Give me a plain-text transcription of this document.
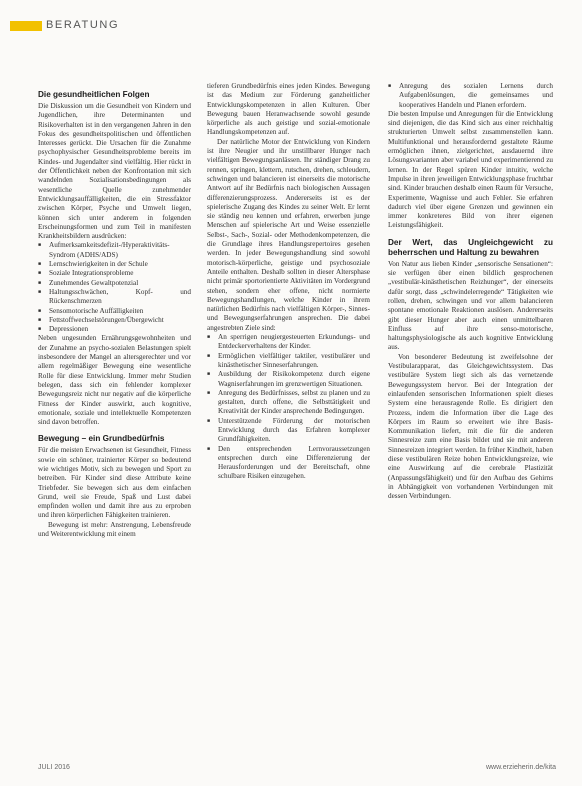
BERATUNG
Die gesundheitlichen Folgen

Die Diskussion um die Gesundheit von Kindern und Jugendlichen, ihre Determinanten und Risikoverhalten ist in den vergangenen Jahren in den Fokus des gesundheitspolitischen und öffentlichen Interesses gerückt. Die Ursachen für die Zunahme psychophysischer Gesundheitsprobleme bereits im Kindes- und Jugendalter sind vielfältig. Hier rückt in der Öffentlichkeit neben der Konfrontation mit sich wandelnden Sozialisationsbedingungen als wesentliche Quelle zunehmender Entwicklungsauffälligkeiten, die ein Stressfaktor zwischen Körper, Psyche und Umwelt liegen, können sich unter anderem in folgenden Erscheinungsformen und zum Teil in manifesten Krankheitsbildern ausdrücken:

■ Aufmerksamkeitsdefizit-/Hyperaktivitäts-Syndrom (ADHS/ADS)
■ Lernschwierigkeiten in der Schule
■ Soziale Integrationsprobleme
■ Zunehmendes Gewaltpotenzial
■ Haltungsschwächen, Kopf- und Rückenschmerzen
■ Sensomotorische Auffälligkeiten
■ Fettstoffwechselstörungen/Übergewicht
■ Depressionen

Neben ungesunden Ernährungsgewohnheiten und der Zunahme an psycho-sozialen Belastungen spielt insbesondere der Mangel an altersgerechter und vor allem regelmäßiger Bewegung eine wesentliche Rolle für diese Entwicklung. Immer mehr Studien belegen, dass sich ein fehlender komplexer Bewegungsreiz nicht nur negativ auf die körperliche Fitness der Kinder auswirkt, auch kognitive, emotionale, soziale und intellektuelle Kompetenzen sind davon betroffen.

Bewegung – ein Grundbedürfnis

Für die meisten Erwachsenen ist Gesundheit, Fitness sowie ein schöner, trainierter Körper so bedeutend wie wichtiges Motiv, sich zu bewegen und Sport zu betreiben. Für Kinder sind diese Attribute keine Triebfeder. Sie bewegen sich aus dem einfachen Grund, weil sie Freude, Spaß und Lust dabei empfinden wollen und damit ihre aus zu erproben und ihren körperlichen Fähigkeiten trainieren.

Bewegung ist mehr: Anstrengung, Lebensfreude und Weiterentwicklung mit einem

tieferen Grundbedürfnis eines jeden Kindes. Bewegung ist das Medium zur Förderung ganzheitlicher Entwicklungskompetenzen in allen Kulturen. Über Bewegung bauen Heranwachsende sowohl gesunde körperliche als auch geistige und sozial-emotionale Handlungskompetenzen auf.

Der natürliche Motor der Entwicklung von Kindern ist ihre Neugier und ihr unstillbarer Hunger nach vielfältigen Bewegungsanlässen. Ihr ständiger Drang zu rennen, springen, klettern, rutschen, drehen, schleudern, schwingen und balancieren ist einerseits die motorische Antwort auf ihr Bedürfnis nach biologischen Aussagen differenzierungsprozess. Andererseits ist es der spielerische Zugang des Kindes zu seiner Welt. Er lernt sie ständig neu kennen und erfahren, erwerben junge Menschen auf spielerische Art und Weise essenzielle Selbst-, Sach-, Sozial- oder Methodenkompetenzen, die die Grundlage ihres Handlungsrepertoires gesehen werden. In jeder Bewegungshandlung sind sowohl motorisch-körperliche, geistige und psychosoziale Anteile enthalten. Deshalb sollten in dieser Altersphase nicht primär sportorientierte Aktivitäten im Vordergrund stehen, sondern eher offene, nicht normierte Bewegungshandlungen, welche Kinder in ihrem natürlichen Bedürfnis nach vielfältigen Körper-, Sinnes- und Bewegungserfahrungen ansprechen. Die dabei angestrebten Ziele sind:

■ An sperrigen neugiergesteuerten Erkundungs- und Entdeckerverhaltens der Kinder.
■ Ermöglichen vielfältiger taktiler, vestibulärer und kinästhetischer Sinneserfahrungen.
■ Ausbildung der Risikokompetenz durch eigene Wagniserfahrungen im grenzwertigen Situationen.
■ Anregung des Bedürfnisses, selbst zu planen und zu gestalten, durch offene, die Selbsttätigkeit und Kreativität der Kinder ansprechende Bedingungen.
■ Unterstützende Förderung der motorischen Entwicklung durch das Erfahren komplexer Grundfähigkeiten.
■ Den entsprechenden Lernvoraussetzungen entsprechen durch eine Differenzierung der Herausforderungen und der Bereitschaft, ohne schulbare Risiken einzugehen.
■ Anregung des sozialen Lernens durch Aufgabenlösungen, die gemeinsames und kooperatives Handeln und Planen erfordern.

Die besten Impulse und Anregungen für die Entwicklung sind diejenigen, die das Kind sich aus einer reichhaltig strukturierten Umwelt selbst zusammenstellen kann. Multifunktional und herausfordernd gestaltete Räume ermöglichen ihnen, zielgerichtet, ausdauernd ihre Lösungsvarianten aber variabel und experimentierend zu lernen. In der Regel spüren Kinder intuitiv, welche Impulse in ihren jeweiligen Entwicklungsphase fruchtbar sind. Kinder brauchen deshalb einen Raum für Versuche, Experimente, Wagnisse und auch Fehler. Sie erfahren dadurch viel über eigene Grenzen und gewinnen ein immer konkreteres Bild von ihrer eigenen Leistungsfähigkeit.

Der Wert, das Ungleichgewicht zu beherrschen und Haltung zu bewahren

Von Natur aus lieben Kinder „sensorische Sensationen“: sie verfügen über einen bildlich gesprochenen „vestibulär-kinästhetischen Reizhunger“, der einerseits dafür sorgt, dass „schwindelerregende“ Tätigkeiten wie rollen, drehen, schwingen und vor allem balancieren spontane emotionale Reaktionen auslösen. Andererseits gibt dieser Hunger aber auch einen unmittelbaren Einfluss auf ihre senso-motorische, haltungsphysiologische als auch kognitive Entwicklung aus.

Von besonderer Bedeutung ist zweifelsohne der Vestibularapparat, das Gleichgewichtssystem. Das vestibuläre System liegt sich als das vernetzende Bewegungssystem hervor. Bei der Integration der einlaufenden sensorischen Informationen spielt dieses System eine herausragende Rolle. Es dirigiert den Prozess, indem die Information über die Lage des Körpers im Raum so erweitert wie ihre Basis-Kommunikation liefert, mit die für die anderen Sinnesreize zum eine Basis bildet und sie mit anderen Sinnesreizen integriert werden. In früher Kindheit, haben diese vestibulären Reize hohen Entwicklungsreize, wie eine Auswirkung auf die cerebrale Plastizität (Anpassungsfähigkeit) und für den Aufbau des Gehirns in Abhängigkeit von vorhandenen Verbindungen mit dessen Verbindungen.

JULI 2016	www.erzieherin.de/kita
